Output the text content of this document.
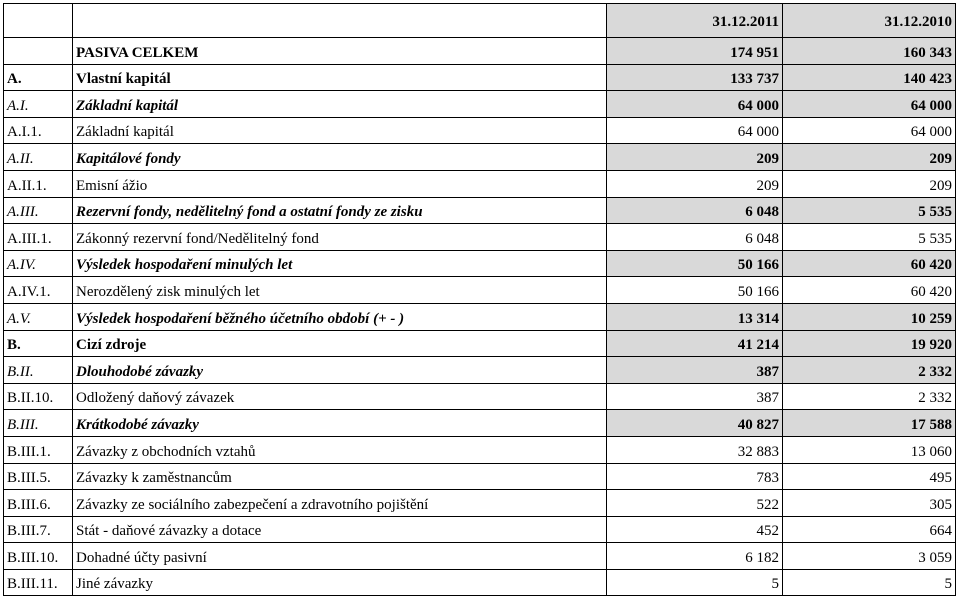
		31.12.2011	31.12.2010
	PASIVA CELKEM	174 951	160 343
A.	Vlastní kapitál	133 737	140 423
A.I.	Základní kapitál	64 000	64 000
A.I.1.	Základní kapitál	64 000	64 000
A.II.	Kapitálové fondy	209	209
A.II.1.	Emisní ážio	209	209
A.III.	Rezervní fondy, nedělitelný fond a ostatní fondy ze zisku	6 048	5 535
A.III.1.	Zákonný rezervní fond/Nedělitelný fond	6 048	5 535
A.IV.	Výsledek hospodaření minulých let	50 166	60 420
A.IV.1.	Nerozdělený zisk minulých let	50 166	60 420
A.V.	Výsledek hospodaření běžného účetního období (+ - )	13 314	10 259
B.	Cizí zdroje	41 214	19 920
B.II.	Dlouhodobé závazky	387	2 332
B.II.10.	Odložený daňový závazek	387	2 332
B.III.	Krátkodobé závazky	40 827	17 588
B.III.1.	Závazky z obchodních vztahů	32 883	13 060
B.III.5.	Závazky k zaměstnancům	783	495
B.III.6.	Závazky ze sociálního zabezpečení a zdravotního pojištění	522	305
B.III.7.	Stát - daňové závazky a dotace	452	664
B.III.10.	Dohadné účty pasivní	6 182	3 059
B.III.11.	Jiné závazky	5	5
